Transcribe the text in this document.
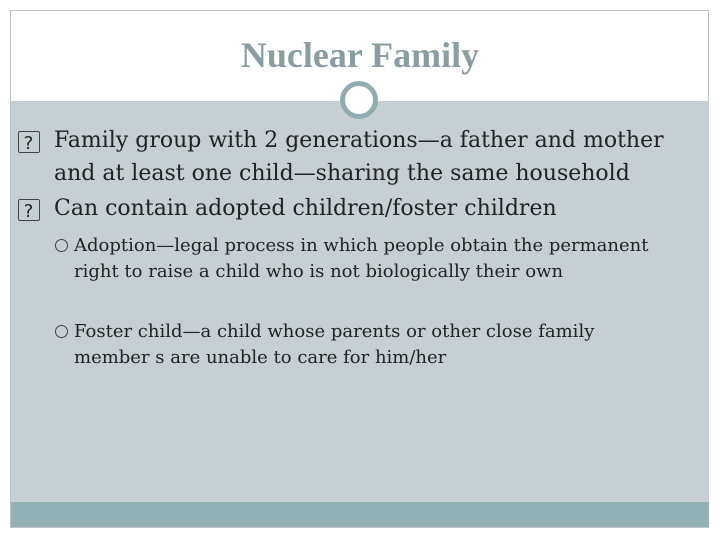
Nuclear Family

?
Family group with 2 generations—a father and mother and at least one child—sharing the same household

?
Can contain adopted children/foster children

Adoption—legal process in which people obtain the permanent right to raise a child who is not biologically their own

Foster child—a child whose parents or other close family member s are unable to care for him/her
